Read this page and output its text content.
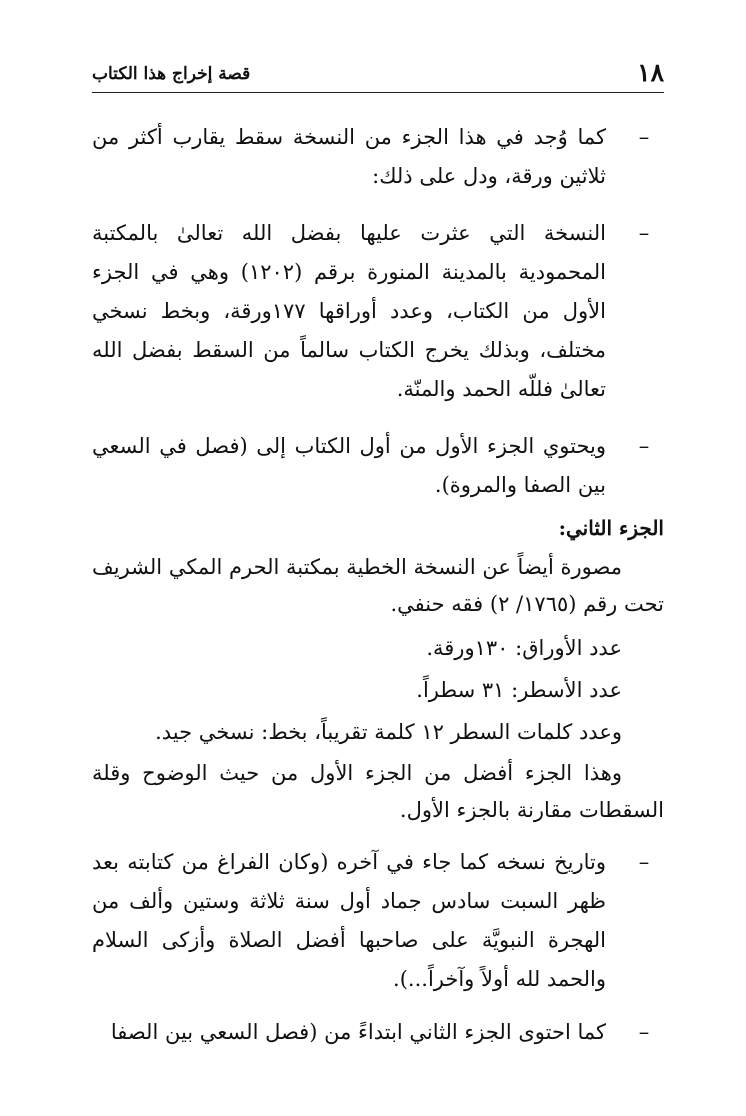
١٨
قصة إخراج هذا الكتاب
–

كما وُجد في هذا الجزء من النسخة سقط يقارب أكثر من ثلاثين ورقة، ودل على ذلك:

–

النسخة التي عثرت عليها بفضل الله تعالىٰ بالمكتبة المحمودية بالمدينة المنورة برقم (١٢٠٢) وهي في الجزء الأول من الكتاب، وعدد أوراقها ١٧٧ورقة، وبخط نسخي مختلف، وبذلك يخرج الكتاب سالماً من السقط بفضل الله تعالىٰ فللّه الحمد والمنّة.

–

ويحتوي الجزء الأول من أول الكتاب إلى (فصل في السعي بين الصفا والمروة).

الجزء الثاني:

مصورة أيضاً عن النسخة الخطية بمكتبة الحرم المكي الشريف تحت رقم (١٧٦٥/ ٢) فقه حنفي.

عدد الأوراق: ١٣٠ورقة.
عدد الأسطر: ٣١ سطراً.
وعدد كلمات السطر ١٢ كلمة تقريباً، بخط: نسخي جيد.

وهذا الجزء أفضل من الجزء الأول من حيث الوضوح وقلة السقطات مقارنة بالجزء الأول.

–

وتاريخ نسخه كما جاء في آخره (وكان الفراغ من كتابته بعد ظهر السبت سادس جماد أول سنة ثلاثة وستين وألف من الهجرة النبويَّة على صاحبها أفضل الصلاة وأزكى السلام والحمد لله أولاً وآخراً...).

–

كما احتوى الجزء الثاني ابتداءً من (فصل السعي بين الصفا
